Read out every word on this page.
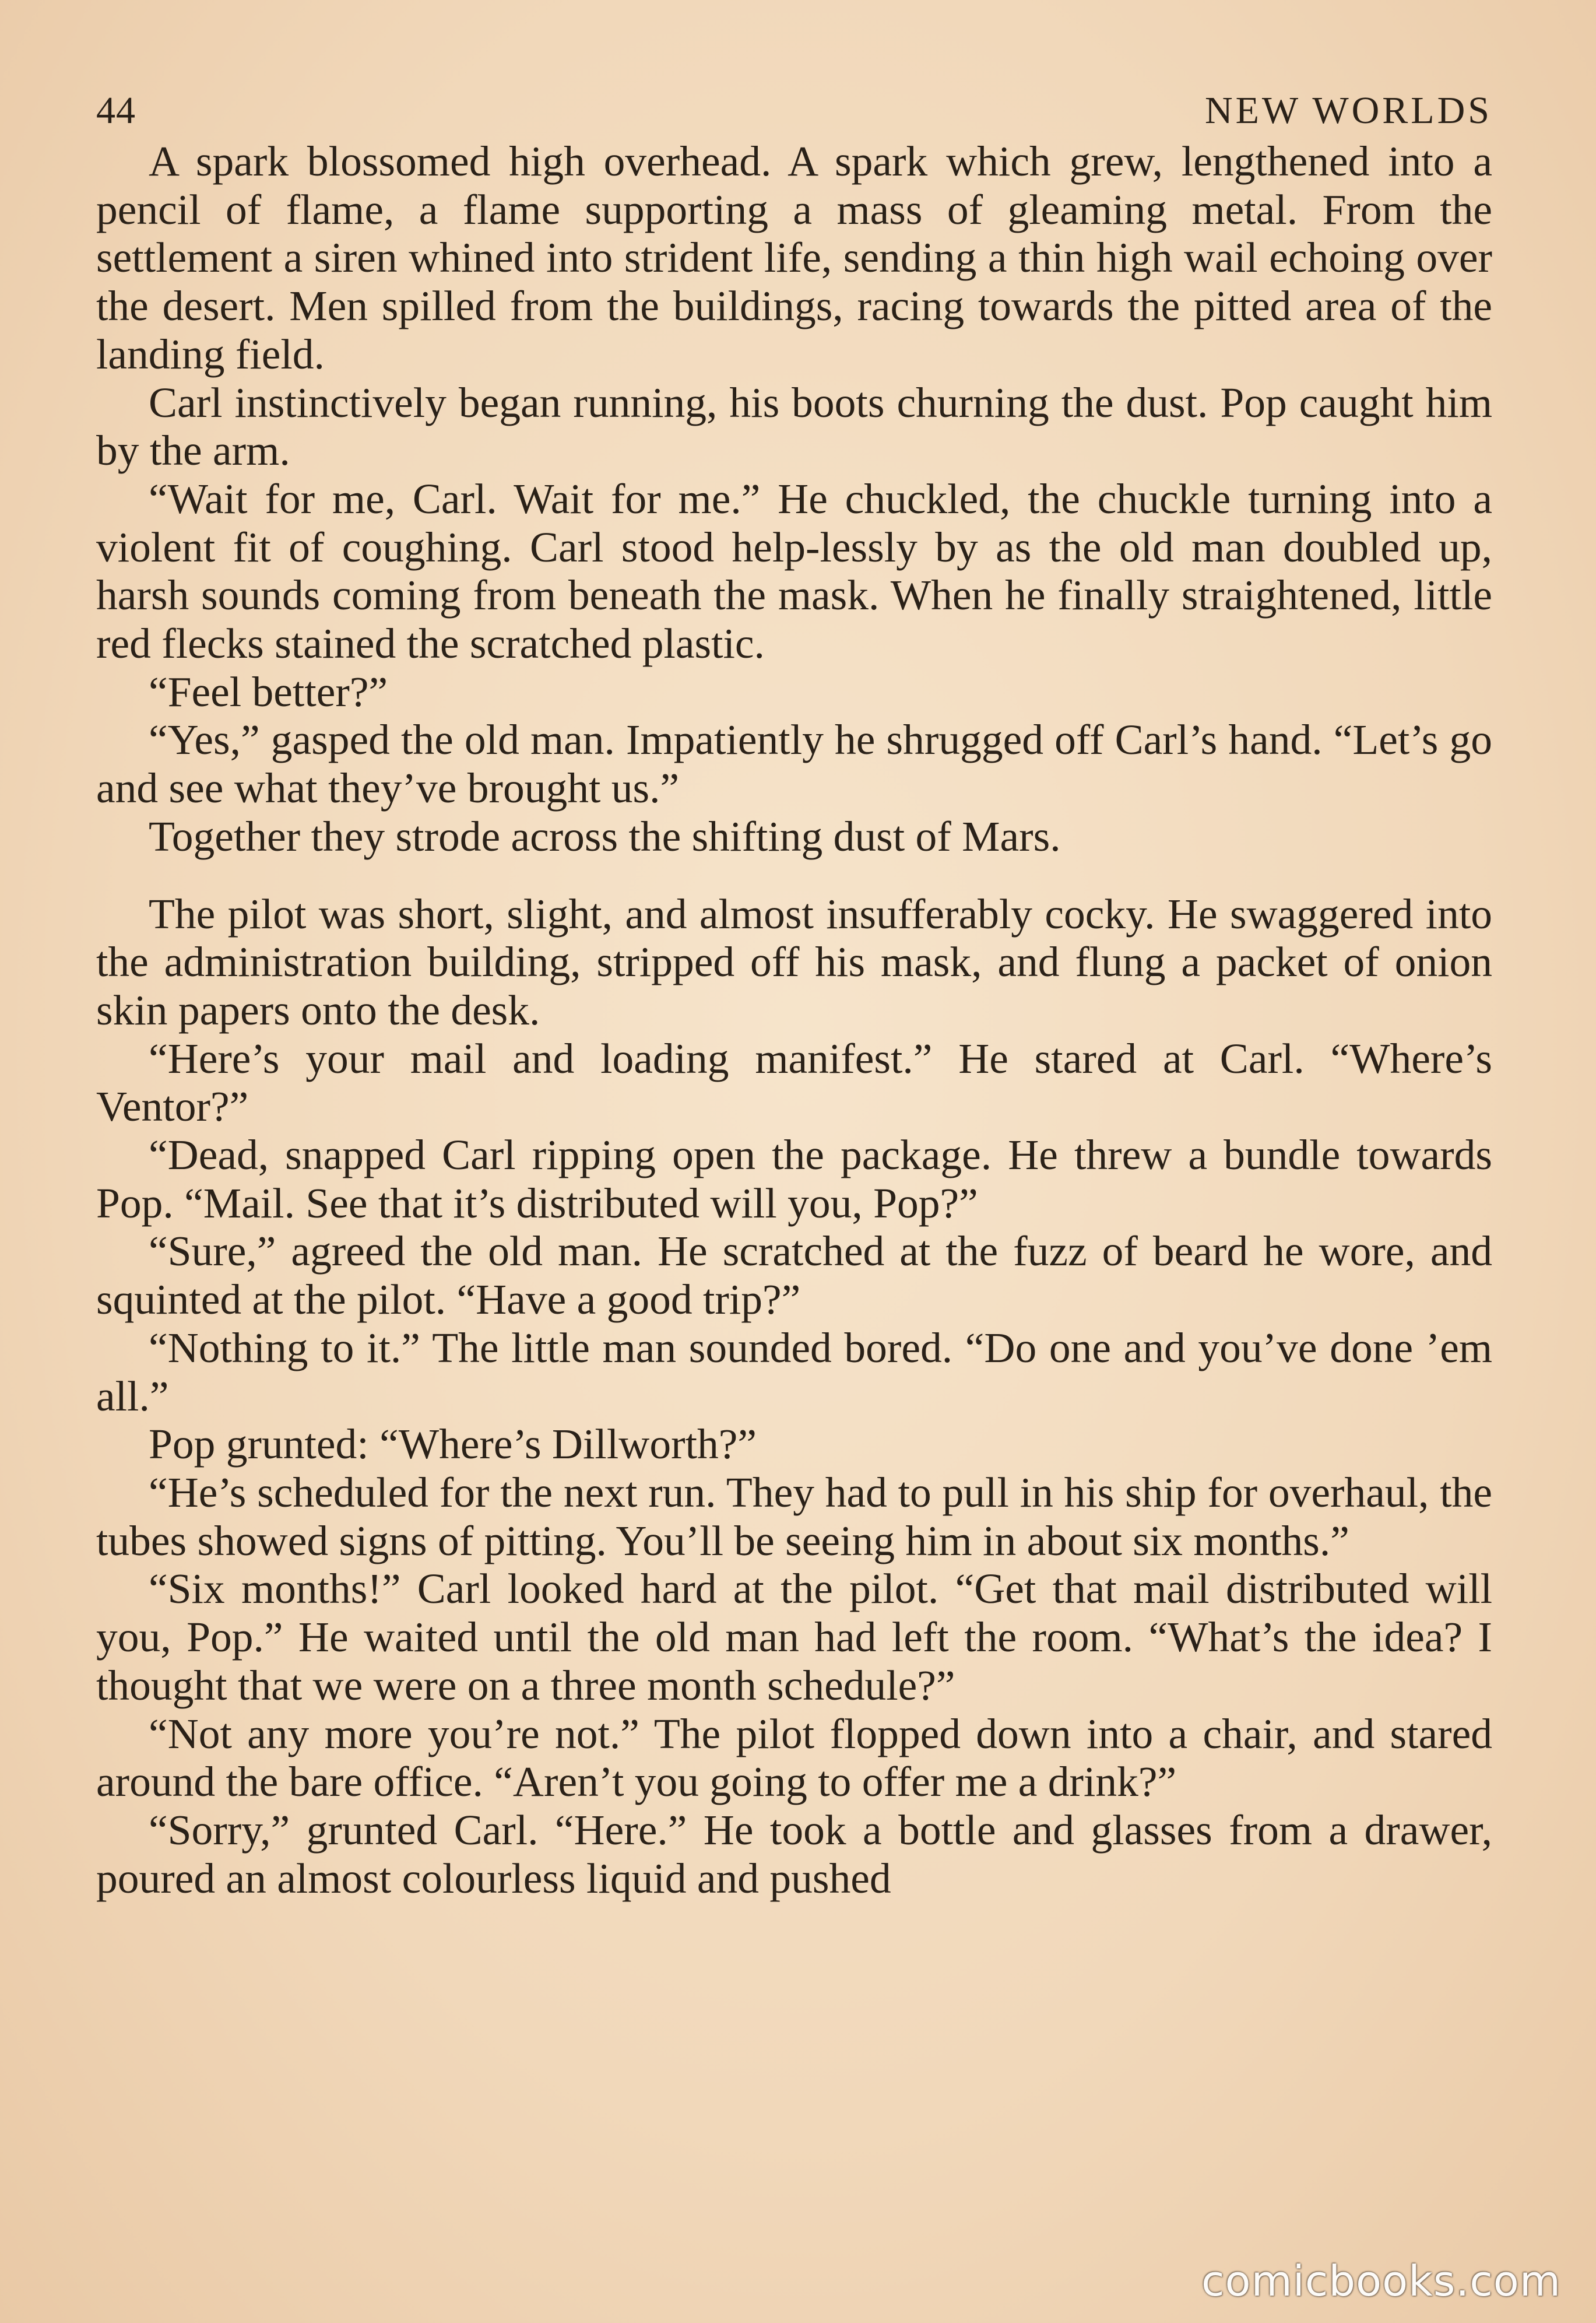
44	NEW WORLDS

A spark blossomed high overhead. A spark which grew, lengthened into a pencil of flame, a flame supporting a mass of gleaming metal. From the settlement a siren whined into strident life, sending a thin high wail echoing over the desert. Men spilled from the buildings, racing towards the pitted area of the landing field.

Carl instinctively began running, his boots churning the dust. Pop caught him by the arm.

“Wait for me, Carl. Wait for me.” He chuckled, the chuckle turning into a violent fit of coughing. Carl stood help-lessly by as the old man doubled up, harsh sounds coming from beneath the mask. When he finally straightened, little red flecks stained the scratched plastic.

“Feel better?”

“Yes,” gasped the old man. Impatiently he shrugged off Carl’s hand. “Let’s go and see what they’ve brought us.”

Together they strode across the shifting dust of Mars.

The pilot was short, slight, and almost insufferably cocky. He swaggered into the administration building, stripped off his mask, and flung a packet of onion skin papers onto the desk.

“Here’s your mail and loading manifest.” He stared at Carl. “Where’s Ventor?”

“Dead, snapped Carl ripping open the package. He threw a bundle towards Pop. “Mail. See that it’s distributed will you, Pop?”

“Sure,” agreed the old man. He scratched at the fuzz of beard he wore, and squinted at the pilot. “Have a good trip?”

“Nothing to it.” The little man sounded bored. “Do one and you’ve done ’em all.”

Pop grunted: “Where’s Dillworth?”

“He’s scheduled for the next run. They had to pull in his ship for overhaul, the tubes showed signs of pitting. You’ll be seeing him in about six months.”

“Six months!” Carl looked hard at the pilot. “Get that mail distributed will you, Pop.” He waited until the old man had left the room. “What’s the idea? I thought that we were on a three month schedule?”

“Not any more you’re not.” The pilot flopped down into a chair, and stared around the bare office. “Aren’t you going to offer me a drink?”

“Sorry,” grunted Carl. “Here.” He took a bottle and glasses from a drawer, poured an almost colourless liquid and pushed

comicbooks.com
